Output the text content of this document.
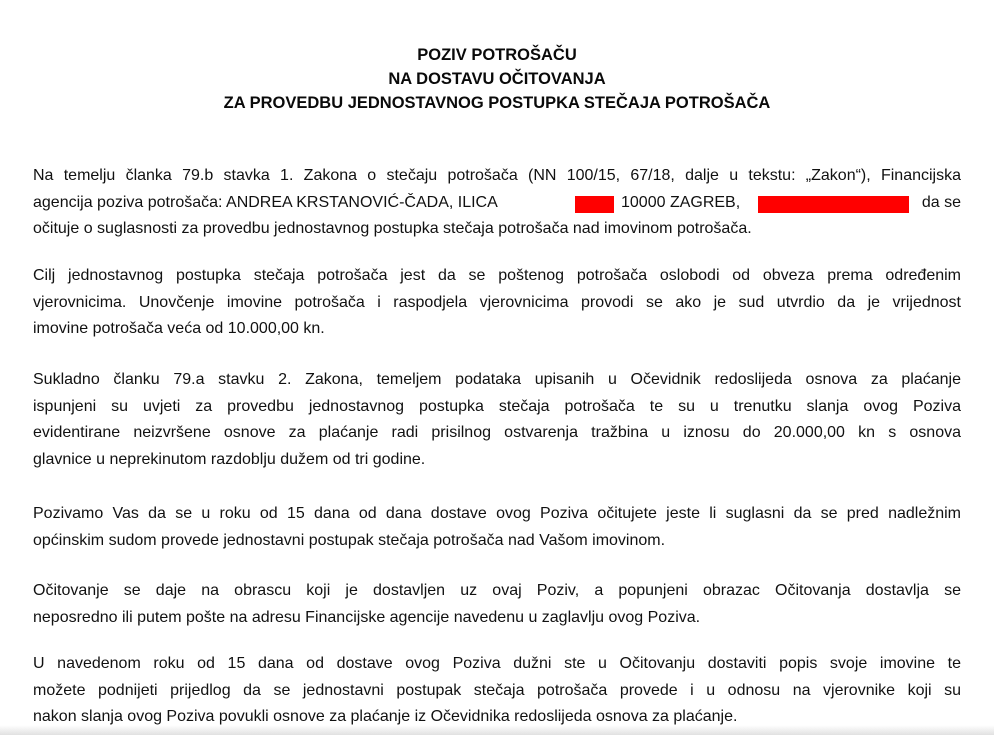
POZIV POTROŠAČU
NA DOSTAVU OČITOVANJA
ZA PROVEDBU JEDNOSTAVNOG POSTUPKA STEČAJA POTROŠAČA
Na temelju članka 79.b stavka 1. Zakona o stečaju potrošača (NN 100/15, 67/18, dalje u tekstu: „Zakon“), Financijska
agencija poziva potrošača: ANDREA KRSTANOVIĆ-ČADA, ILICA	10000 ZAGREB,	da se
očituje o suglasnosti za provedbu jednostavnog postupka stečaja potrošača nad imovinom potrošača.
Cilj jednostavnog postupka stečaja potrošača jest da se poštenog potrošača oslobodi od obveza prema određenim
vjerovnicima. Unovčenje imovine potrošača i raspodjela vjerovnicima provodi se ako je sud utvrdio da je vrijednost
imovine potrošača veća od 10.000,00 kn.
Sukladno članku 79.a stavku 2. Zakona, temeljem podataka upisanih u Očevidnik redoslijeda osnova za plaćanje
ispunjeni su uvjeti za provedbu jednostavnog postupka stečaja potrošača te su u trenutku slanja ovog Poziva
evidentirane neizvršene osnove za plaćanje radi prisilnog ostvarenja tražbina u iznosu do 20.000,00 kn s osnova
glavnice u neprekinutom razdoblju dužem od tri godine.
Pozivamo Vas da se u roku od 15 dana od dana dostave ovog Poziva očitujete jeste li suglasni da se pred nadležnim
općinskim sudom provede jednostavni postupak stečaja potrošača nad Vašom imovinom.
Očitovanje se daje na obrascu koji je dostavljen uz ovaj Poziv, a popunjeni obrazac Očitovanja dostavlja se
neposredno ili putem pošte na adresu Financijske agencije navedenu u zaglavlju ovog Poziva.
U navedenom roku od 15 dana od dostave ovog Poziva dužni ste u Očitovanju dostaviti popis svoje imovine te
možete podnijeti prijedlog da se jednostavni postupak stečaja potrošača provede i u odnosu na vjerovnike koji su
nakon slanja ovog Poziva povukli osnove za plaćanje iz Očevidnika redoslijeda osnova za plaćanje.
